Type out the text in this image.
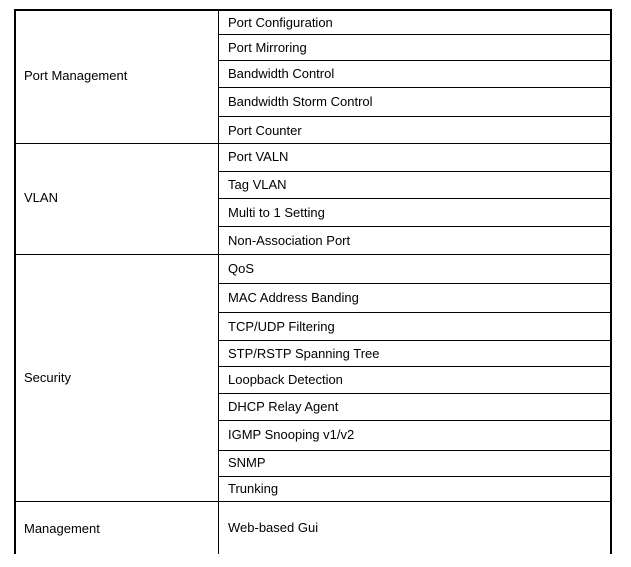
Port Management
Port Configuration
Port Mirroring
Bandwidth Control
Bandwidth Storm Control
Port Counter
VLAN
Port VALN
Tag VLAN
Multi to 1 Setting
Non-Association Port
Security
QoS
MAC Address Banding
TCP/UDP Filtering
STP/RSTP Spanning Tree
Loopback Detection
DHCP Relay Agent
IGMP Snooping v1/v2
SNMP
Trunking
Management	Web-based Gui
